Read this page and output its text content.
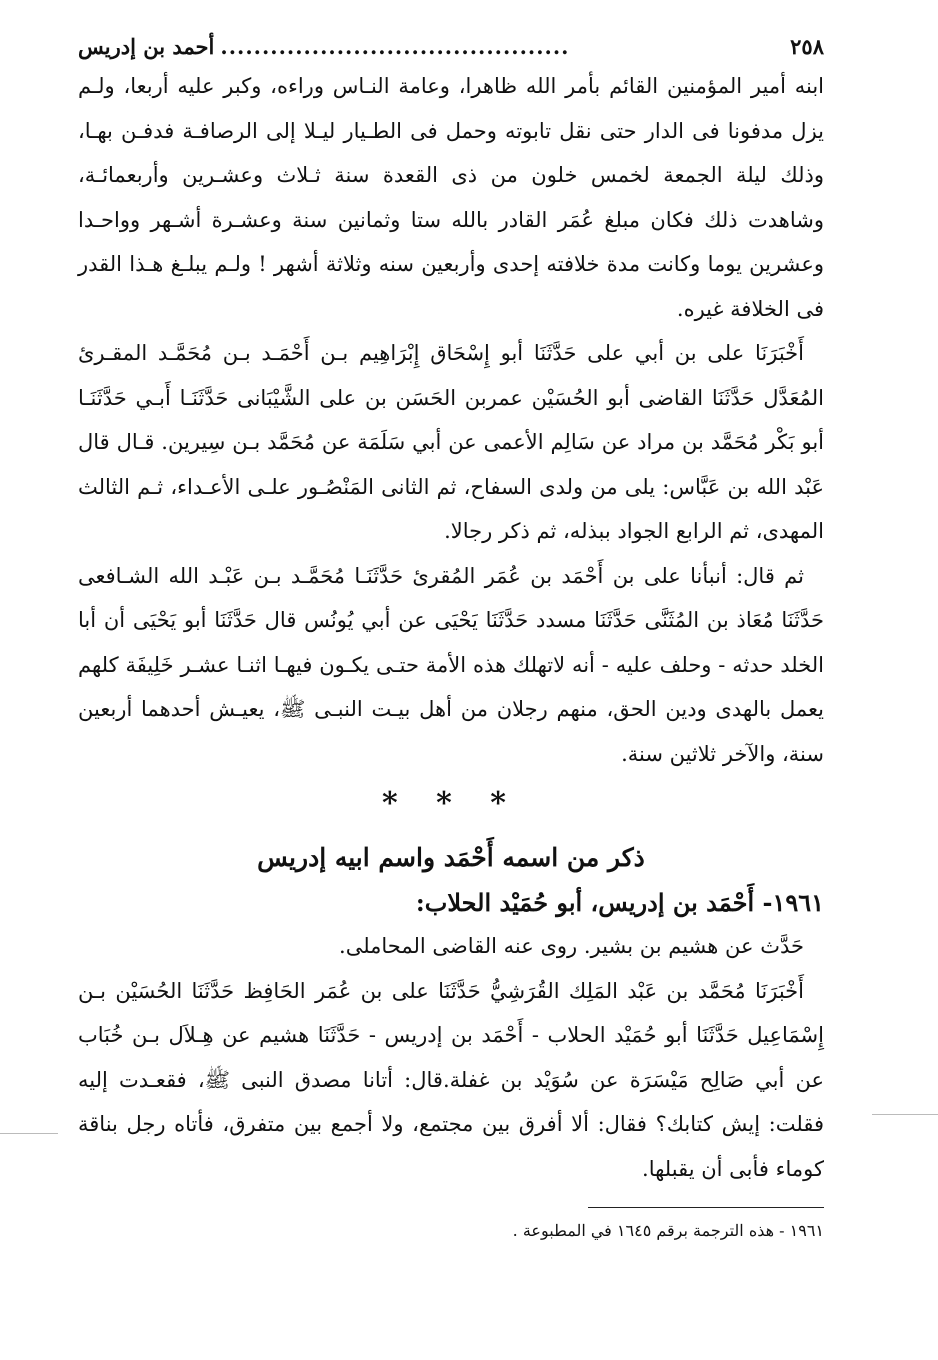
٢٥٨
..........................................
أحمد بن إدريس

ابنه أمير المؤمنين القائم بأمر الله ظاهرا، وعامة النـاس وراءه، وكبر عليه أربعا، ولـم يزل مدفونا فى الدار حتى نقل تابوته وحمل فى الطـيار ليـلا إلى الرصافـة فدفـن بهـا، وذلك ليلة الجمعة لخمس خلون من ذى القعدة سنة ثـلاث وعشـرين وأربعمائـة، وشاهدت ذلك فكان مبلغ عُمَر القادر بالله ستا وثمانين سنة وعشـرة أشـهر وواحـدا وعشرين يوما وكانت مدة خلافته إحدى وأربعين سنه وثلاثة أشهر ! ولـم يبلـغ هـذا القدر فى الخلافة غيره.

أَخْبَرَنَا على بن أبي على حَدَّثَنَا أبو إِسْحَاق إِبْرَاهِيم بـن أَحْمَـد بـن مُحَمَّـد المقـرئ المُعَدَّل حَدَّثَنَا القاضى أبو الحُسَيْن عمربن الحَسَن بن على الشَّيْبَانى حَدَّثَنَـا أَبـي حَدَّثَنَـا أبو بَكْر مُحَمَّد بن مراد عن سَالِم الأعمى عن أبي سَلَمَة عن مُحَمَّد بـن سِيرين. قـال قال عَبْد الله بن عَبَّاس: يلى من ولدى السفاح، ثم الثانى المَنْصُـور علـى الأعـداء، ثـم الثالث المهدى، ثم الرابع الجواد ببذله، ثم ذكر رجالا.

ثم قال: أنبأنا على بن أَحْمَد بن عُمَر المُقرئ حَدَّثَنَـا مُحَمَّـد بـن عَبْـد الله الشـافعى حَدَّثَنَا مُعَاذ بن المُثَنَّى حَدَّثَنَا مسدد حَدَّثَنَا يَحْيَى عن أبي يُونُس قال حَدَّثَنَا أبو يَحْيَى أن أبا الخلد حدثه - وحلف عليه - أنه لاتهلك هذه الأمة حتـى يكـون فيهـا اثنـا عشـر خَلِيفَة كلهم يعمل بالهدى ودين الحق، منهم رجلان من أهل بيـت النبـى ﷺ، يعيـش أحدهما أربعين سنة، والآخر ثلاثين سنة.

* * *
ذكر من اسمه أَحْمَد واسم ابيه إدريس

١٩٦١- أَحْمَد بن إدريس، أبو حُمَيْد الحلاب:

حَدَّث عن هشيم بن بشير. روى عنه القاضى المحاملى.

أَخْبَرَنَا مُحَمَّد بن عَبْد المَلِك القُرَشِيُّ حَدَّثَنَا على بن عُمَر الحَافِظ حَدَّثَنَا الحُسَيْن بـن إِسْمَاعِيل حَدَّثَنَا أبو حُمَيْد الحلاب - أَحْمَد بن إدريس - حَدَّثَنَا هشيم عن هِـلاَل بـن خُبَاب عن أبي صَالِح مَيْسَرَة عن سُوَيْد بن غفلة.قال: أتانا مصدق النبى ﷺ، فقعـدت إليه فقلت: إيش كتابك؟ فقال: ألا أفرق بين مجتمع، ولا أجمع بين متفرق، فأتاه رجل بناقة كوماء فأبى أن يقبلها.

١٩٦١ - هذه الترجمة برقم ١٦٤٥ في المطبوعة .
